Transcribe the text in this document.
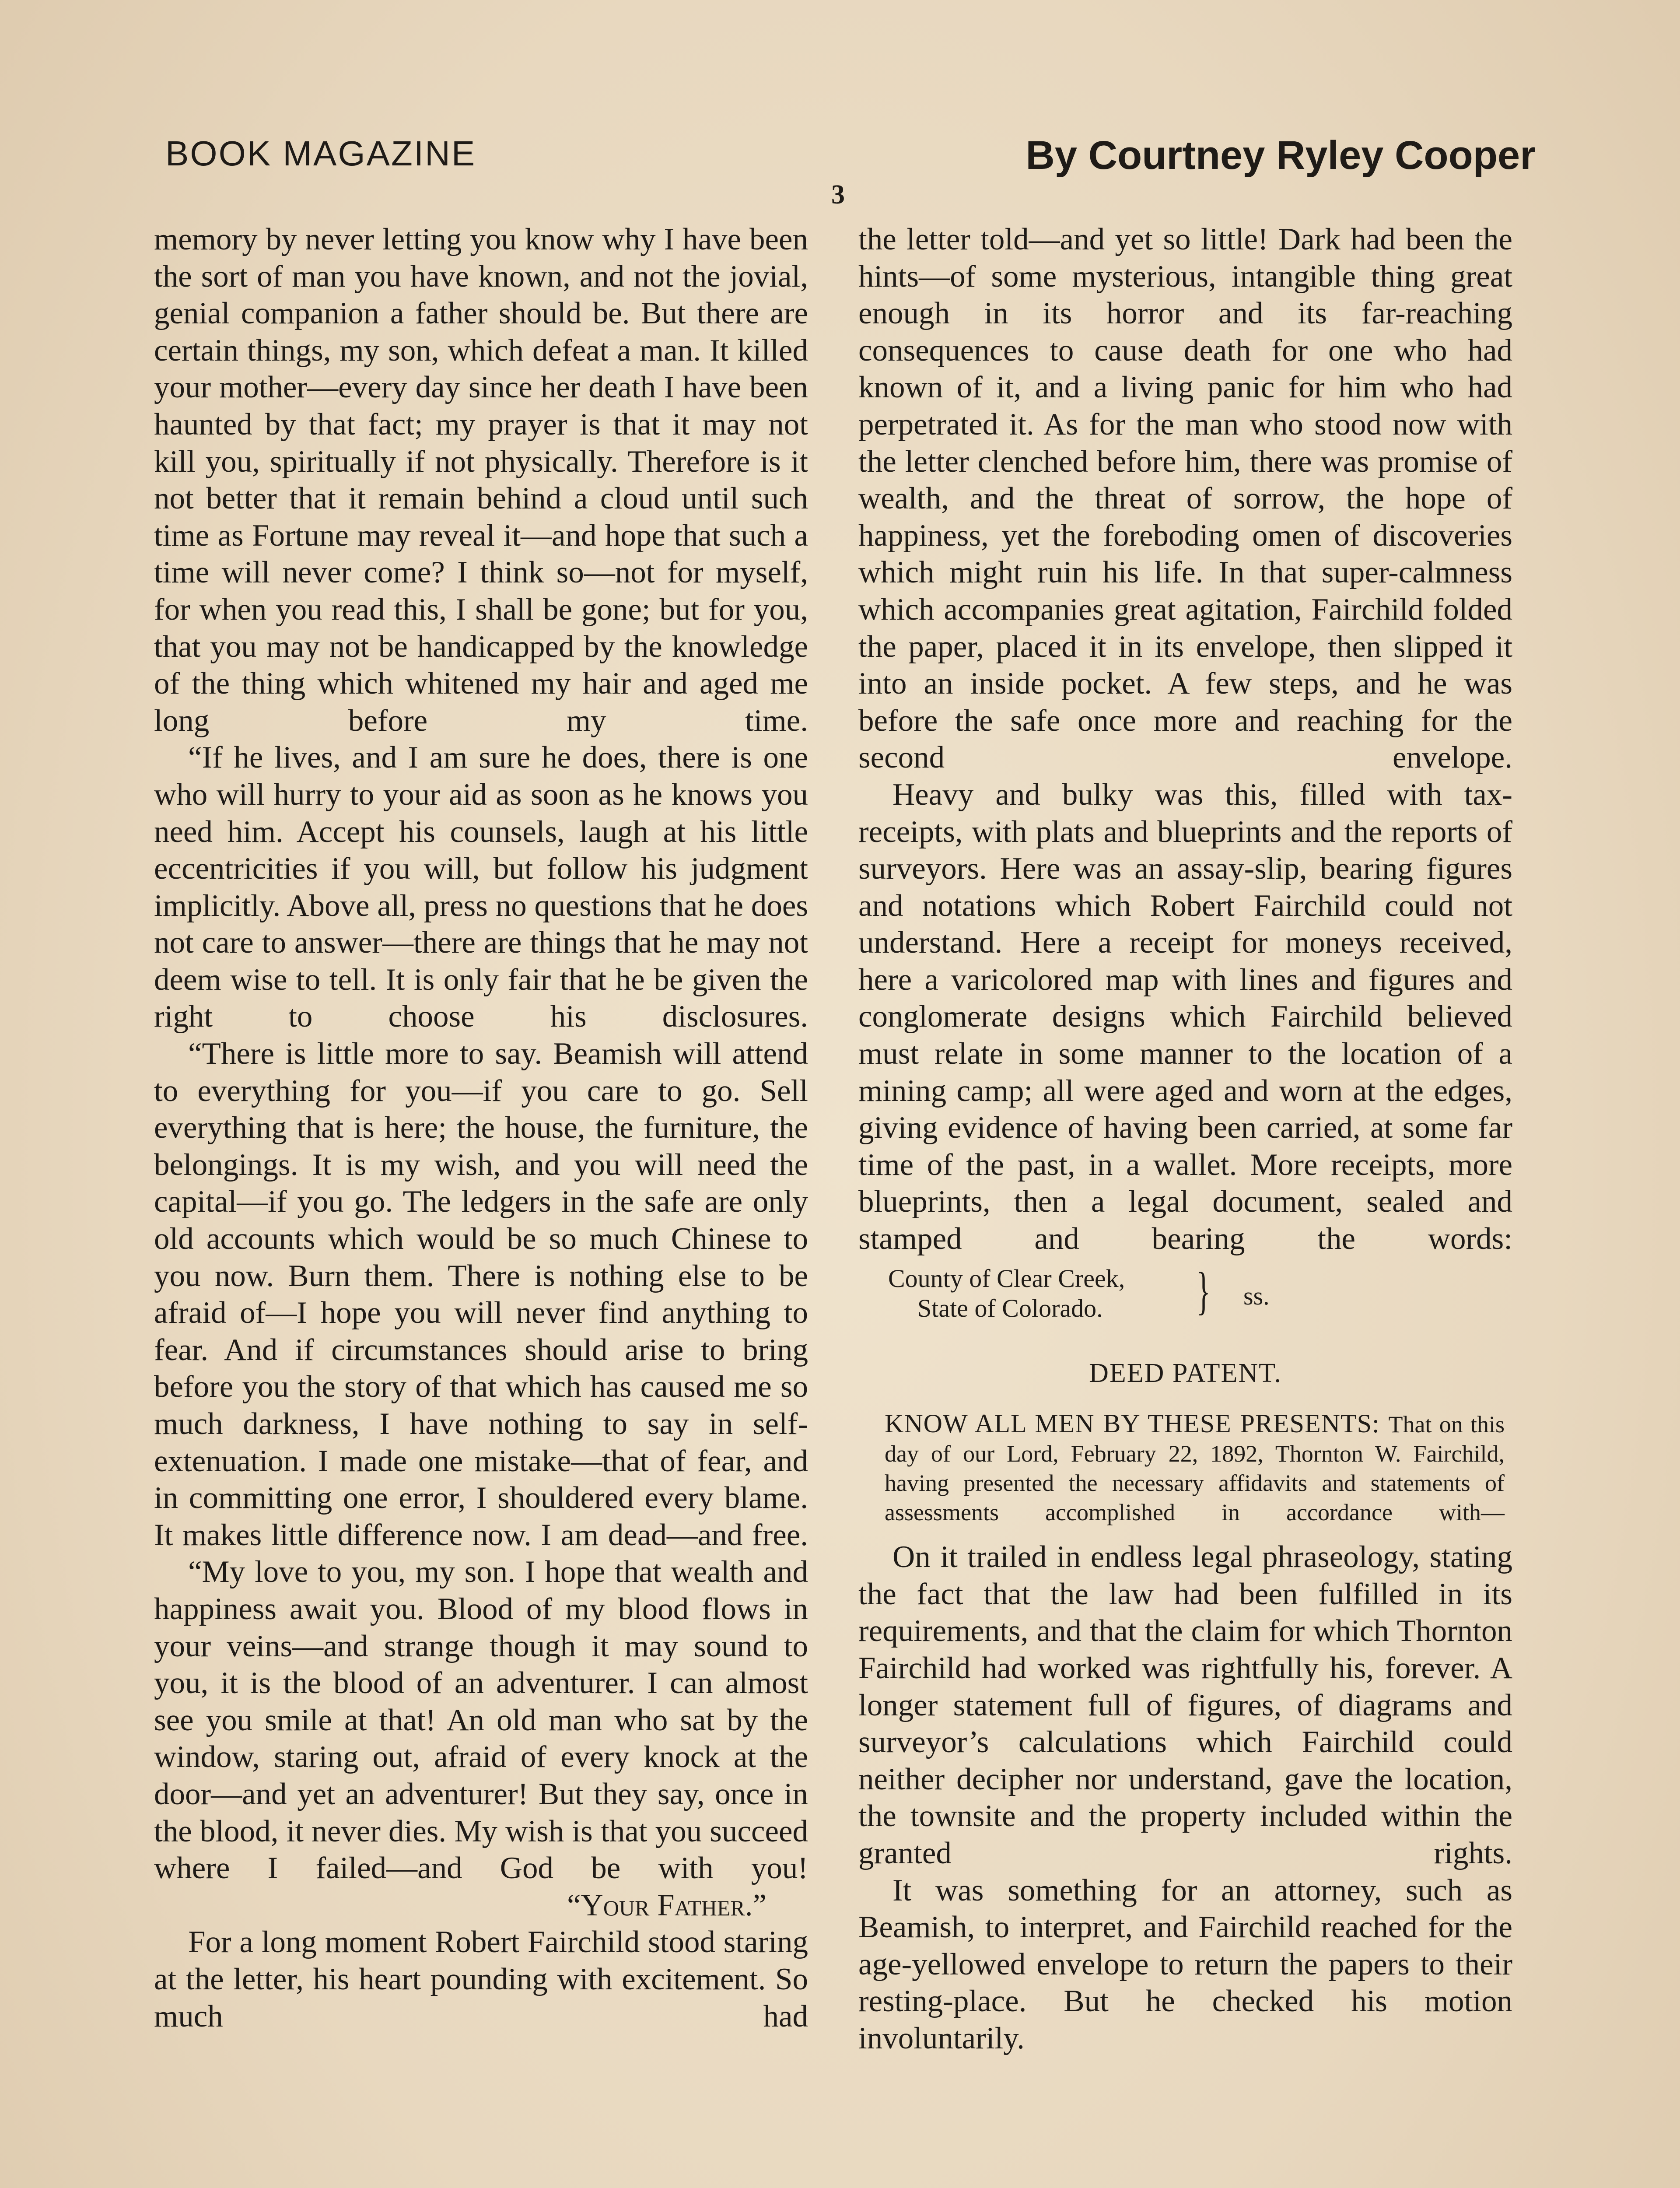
BOOK MAGAZINE	By Courtney Ryley Cooper
3

memory by never letting you know why I have been the sort of man you have known, and not the jovial, genial companion a father should be. But there are certain things, my son, which defeat a man. It killed your mother—every day since her death I have been haunted by that fact; my prayer is that it may not kill you, spiritually if not physically. Therefore is it not better that it remain behind a cloud until such time as Fortune may reveal it—and hope that such a time will never come? I think so—not for myself, for when you read this, I shall be gone; but for you, that you may not be handicapped by the knowledge of the thing which whitened my hair and aged me long before my time.

“If he lives, and I am sure he does, there is one who will hurry to your aid as soon as he knows you need him. Accept his counsels, laugh at his little eccentricities if you will, but follow his judgment implicitly. Above all, press no questions that he does not care to answer—there are things that he may not deem wise to tell. It is only fair that he be given the right to choose his disclosures.

“There is little more to say. Beamish will attend to everything for you—if you care to go. Sell everything that is here; the house, the furniture, the belongings. It is my wish, and you will need the capital—if you go. The ledgers in the safe are only old accounts which would be so much Chinese to you now. Burn them. There is nothing else to be afraid of—I hope you will never find anything to fear. And if circumstances should arise to bring before you the story of that which has caused me so much darkness, I have nothing to say in self-extenuation. I made one mistake—that of fear, and in committing one error, I shouldered every blame. It makes little difference now. I am dead—and free.

“My love to you, my son. I hope that wealth and happiness await you. Blood of my blood flows in your veins—and strange though it may sound to you, it is the blood of an adventurer. I can almost see you smile at that! An old man who sat by the window, staring out, afraid of every knock at the door—and yet an adventurer! But they say, once in the blood, it never dies. My wish is that you succeed where I failed—and God be with you!

“Your Father.”

For a long moment Robert Fairchild stood staring at the letter, his heart pounding with excitement. So much had

the letter told—and yet so little! Dark had been the hints—of some mysterious, intangible thing great enough in its horror and its far-reaching consequences to cause death for one who had known of it, and a living panic for him who had perpetrated it. As for the man who stood now with the letter clenched before him, there was promise of wealth, and the threat of sorrow, the hope of happiness, yet the foreboding omen of discoveries which might ruin his life. In that super-calmness which accompanies great agitation, Fairchild folded the paper, placed it in its envelope, then slipped it into an inside pocket. A few steps, and he was before the safe once more and reaching for the second envelope.

Heavy and bulky was this, filled with tax-receipts, with plats and blueprints and the reports of surveyors. Here was an assay-slip, bearing figures and notations which Robert Fairchild could not understand. Here a receipt for moneys received, here a varicolored map with lines and figures and conglomerate designs which Fairchild believed must relate in some manner to the location of a mining camp; all were aged and worn at the edges, giving evidence of having been carried, at some far time of the past, in a wallet. More receipts, more blueprints, then a legal document, sealed and stamped and bearing the words:

County of Clear Creek,
State of Colorado. } ss.

DEED PATENT.

KNOW ALL MEN BY THESE PRESENTS: That on this day of our Lord, February 22, 1892, Thornton W. Fairchild, having presented the necessary affidavits and statements of assessments accomplished in accordance with—

On it trailed in endless legal phraseology, stating the fact that the law had been fulfilled in its requirements, and that the claim for which Thornton Fairchild had worked was rightfully his, forever. A longer statement full of figures, of diagrams and surveyor’s calculations which Fairchild could neither decipher nor understand, gave the location, the townsite and the property included within the granted rights.

It was something for an attorney, such as Beamish, to interpret, and Fairchild reached for the age-yellowed envelope to return the papers to their resting-place. But he checked his motion involuntarily.
